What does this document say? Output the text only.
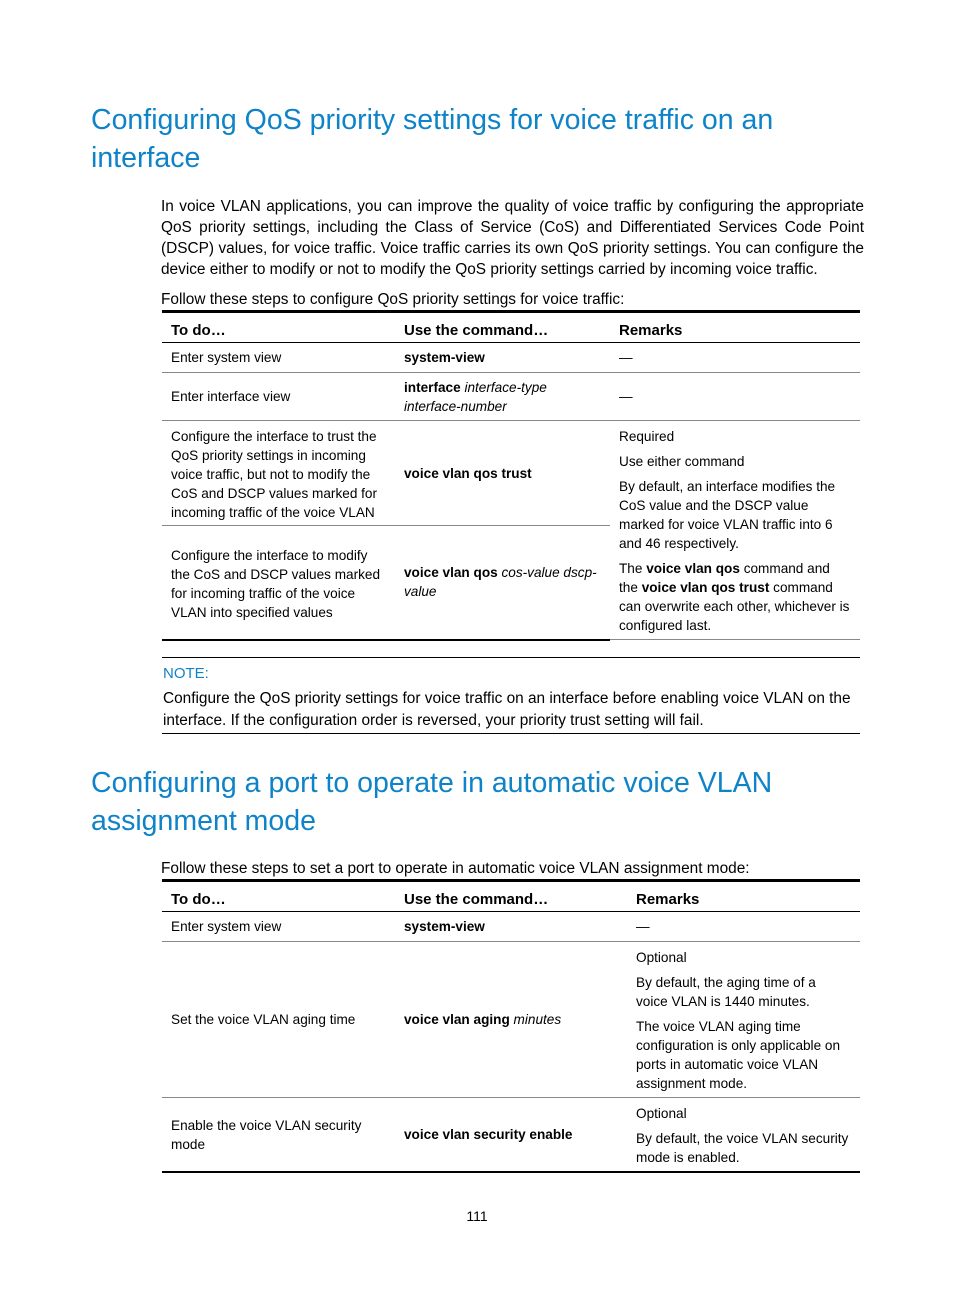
Configuring QoS priority settings for voice traffic on an interface

In voice VLAN applications, you can improve the quality of voice traffic by configuring the appropriate QoS priority settings, including the Class of Service (CoS) and Differentiated Services Code Point (DSCP) values, for voice traffic. Voice traffic carries its own QoS priority settings. You can configure the device either to modify or not to modify the QoS priority settings carried by incoming voice traffic.

Follow these steps to configure QoS priority settings for voice traffic:

To do…	Use the command…	Remarks
Enter system view	system-view	—
Enter interface view	interface interface-type interface-number	—
Configure the interface to trust the QoS priority settings in incoming voice traffic, but not to modify the CoS and DSCP values marked for incoming traffic of the voice VLAN	voice vlan qos trust	Required

Use either command

By default, an interface modifies the CoS value and the DSCP value marked for voice VLAN traffic into 6 and 46 respectively.

The voice vlan qos command and the voice vlan qos trust command can overwrite each other, whichever is configured last.

Configure the interface to modify the CoS and DSCP values marked for incoming traffic of the voice VLAN into specified values	voice vlan qos cos-value dscp-value	
NOTE:
Configure the QoS priority settings for voice traffic on an interface before enabling voice VLAN on the interface. If the configuration order is reversed, your priority trust setting will fail.
Configuring a port to operate in automatic voice VLAN assignment mode

Follow these steps to set a port to operate in automatic voice VLAN assignment mode:

To do…	Use the command…	Remarks
Enter system view	system-view	—
Set the voice VLAN aging time	voice vlan aging minutes	Optional

By default, the aging time of a voice VLAN is 1440 minutes.

The voice VLAN aging time configuration is only applicable on ports in automatic voice VLAN assignment mode.

Enable the voice VLAN security mode	voice vlan security enable	Optional

By default, the voice VLAN security mode is enabled.

111
